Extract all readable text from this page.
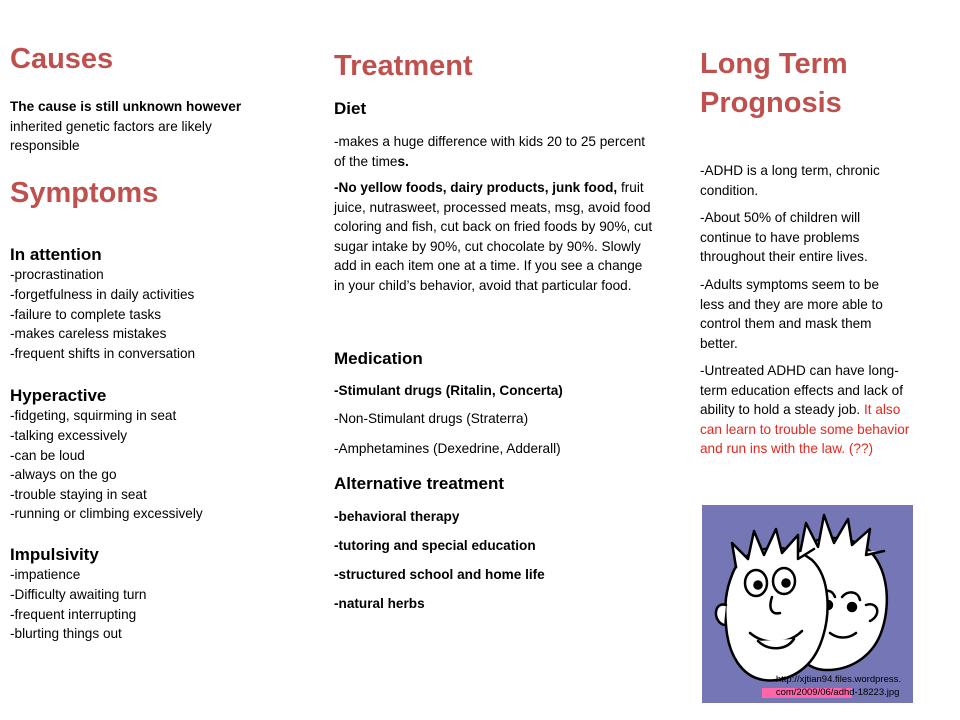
Causes

The cause is still unknown however inherited genetic factors are likely responsible

Symptoms
In attention
-procrastination
-forgetfulness in daily activities
-failure to complete tasks
-makes careless mistakes
-frequent shifts in conversation
Hyperactive
-fidgeting, squirming in seat
-talking excessively
-can be loud
-always on the go
-trouble staying in seat
-running or climbing excessively
Impulsivity
-impatience
-Difficulty awaiting turn
-frequent interrupting
-blurting things out
Treatment
Diet

-makes a huge difference with kids 20 to 25 percent of the times.

-No yellow foods, dairy products, junk food, fruit juice, nutrasweet, processed meats, msg, avoid food coloring and fish, cut back on fried foods by 90%, cut sugar intake by 90%, cut chocolate by 90%. Slowly add in each item one at a time. If you see a change in your child’s behavior, avoid that particular food.

Medication
-Stimulant drugs (Ritalin, Concerta)
-Non-Stimulant drugs (Straterra)
-Amphetamines (Dexedrine, Adderall)
Alternative treatment
-behavioral therapy
-tutoring and special education
-structured school and home life
-natural herbs
Long Term
Prognosis

-ADHD is a long term, chronic condition.

-About 50% of children will continue to have problems throughout their entire lives.

-Adults symptoms seem to be less and they are more able to control them and mask them better.

-Untreated ADHD can have long-term education effects and lack of ability to hold a steady job. It also can learn to trouble some behavior and run ins with the law. (??)

http://xjtian94.files.wordpress.
com/2009/06/adhd-18223.jpg
